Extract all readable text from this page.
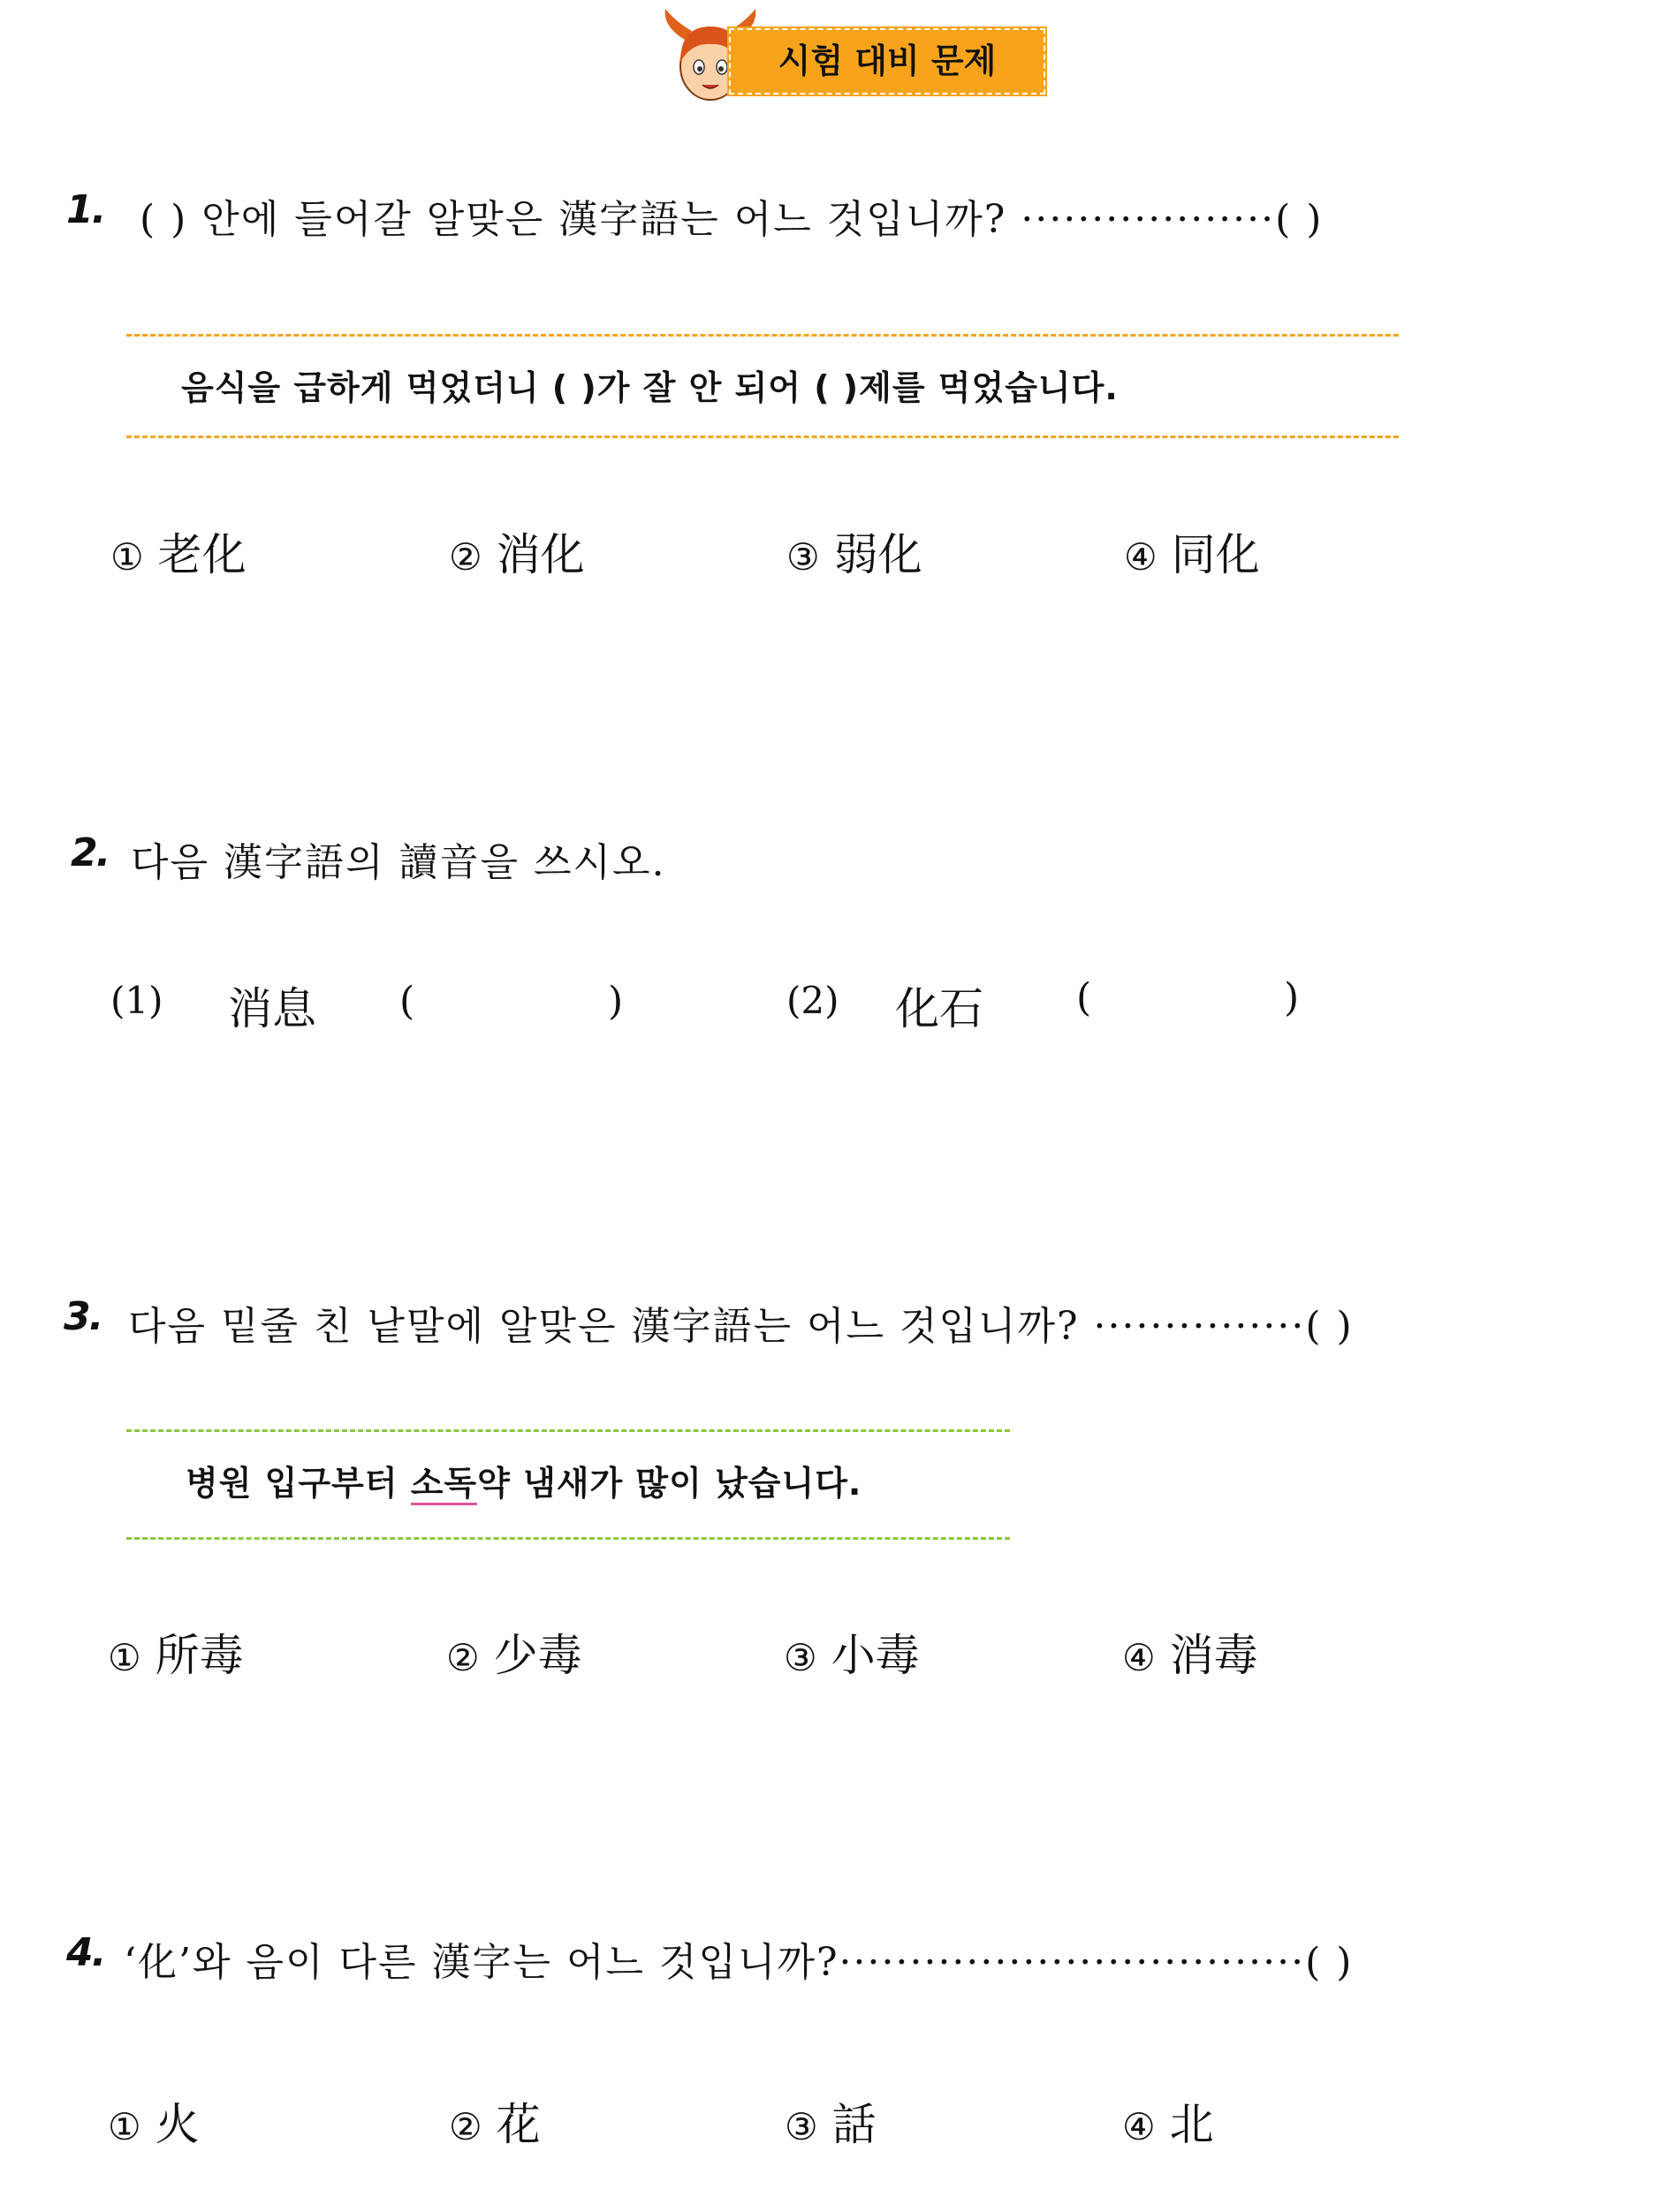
시험 대비 문제
1. ( ) 안에 들어갈 알맞은 漢字語는 어느 것입니까? ··················( )
음식을 급하게 먹었더니 ( )가 잘 안 되어 ( )제를 먹었습니다.
① 老化	② 消化	③ 弱化	④ 同化
2. 다음 漢字語의 讀音을 쓰시오.
(1) 消息 (	)	(2) 化石 (	)
3. 다음 밑줄 친 낱말에 알맞은 漢字語는 어느 것입니까? ···············( )
병원 입구부터 소독약 냄새가 많이 났습니다.
① 所毒	② 少毒	③ 小毒	④ 消毒
4. ‘化’와 음이 다른 漢字는 어느 것입니까?·································( )
① 火	② 花	③ 話	④ 北
